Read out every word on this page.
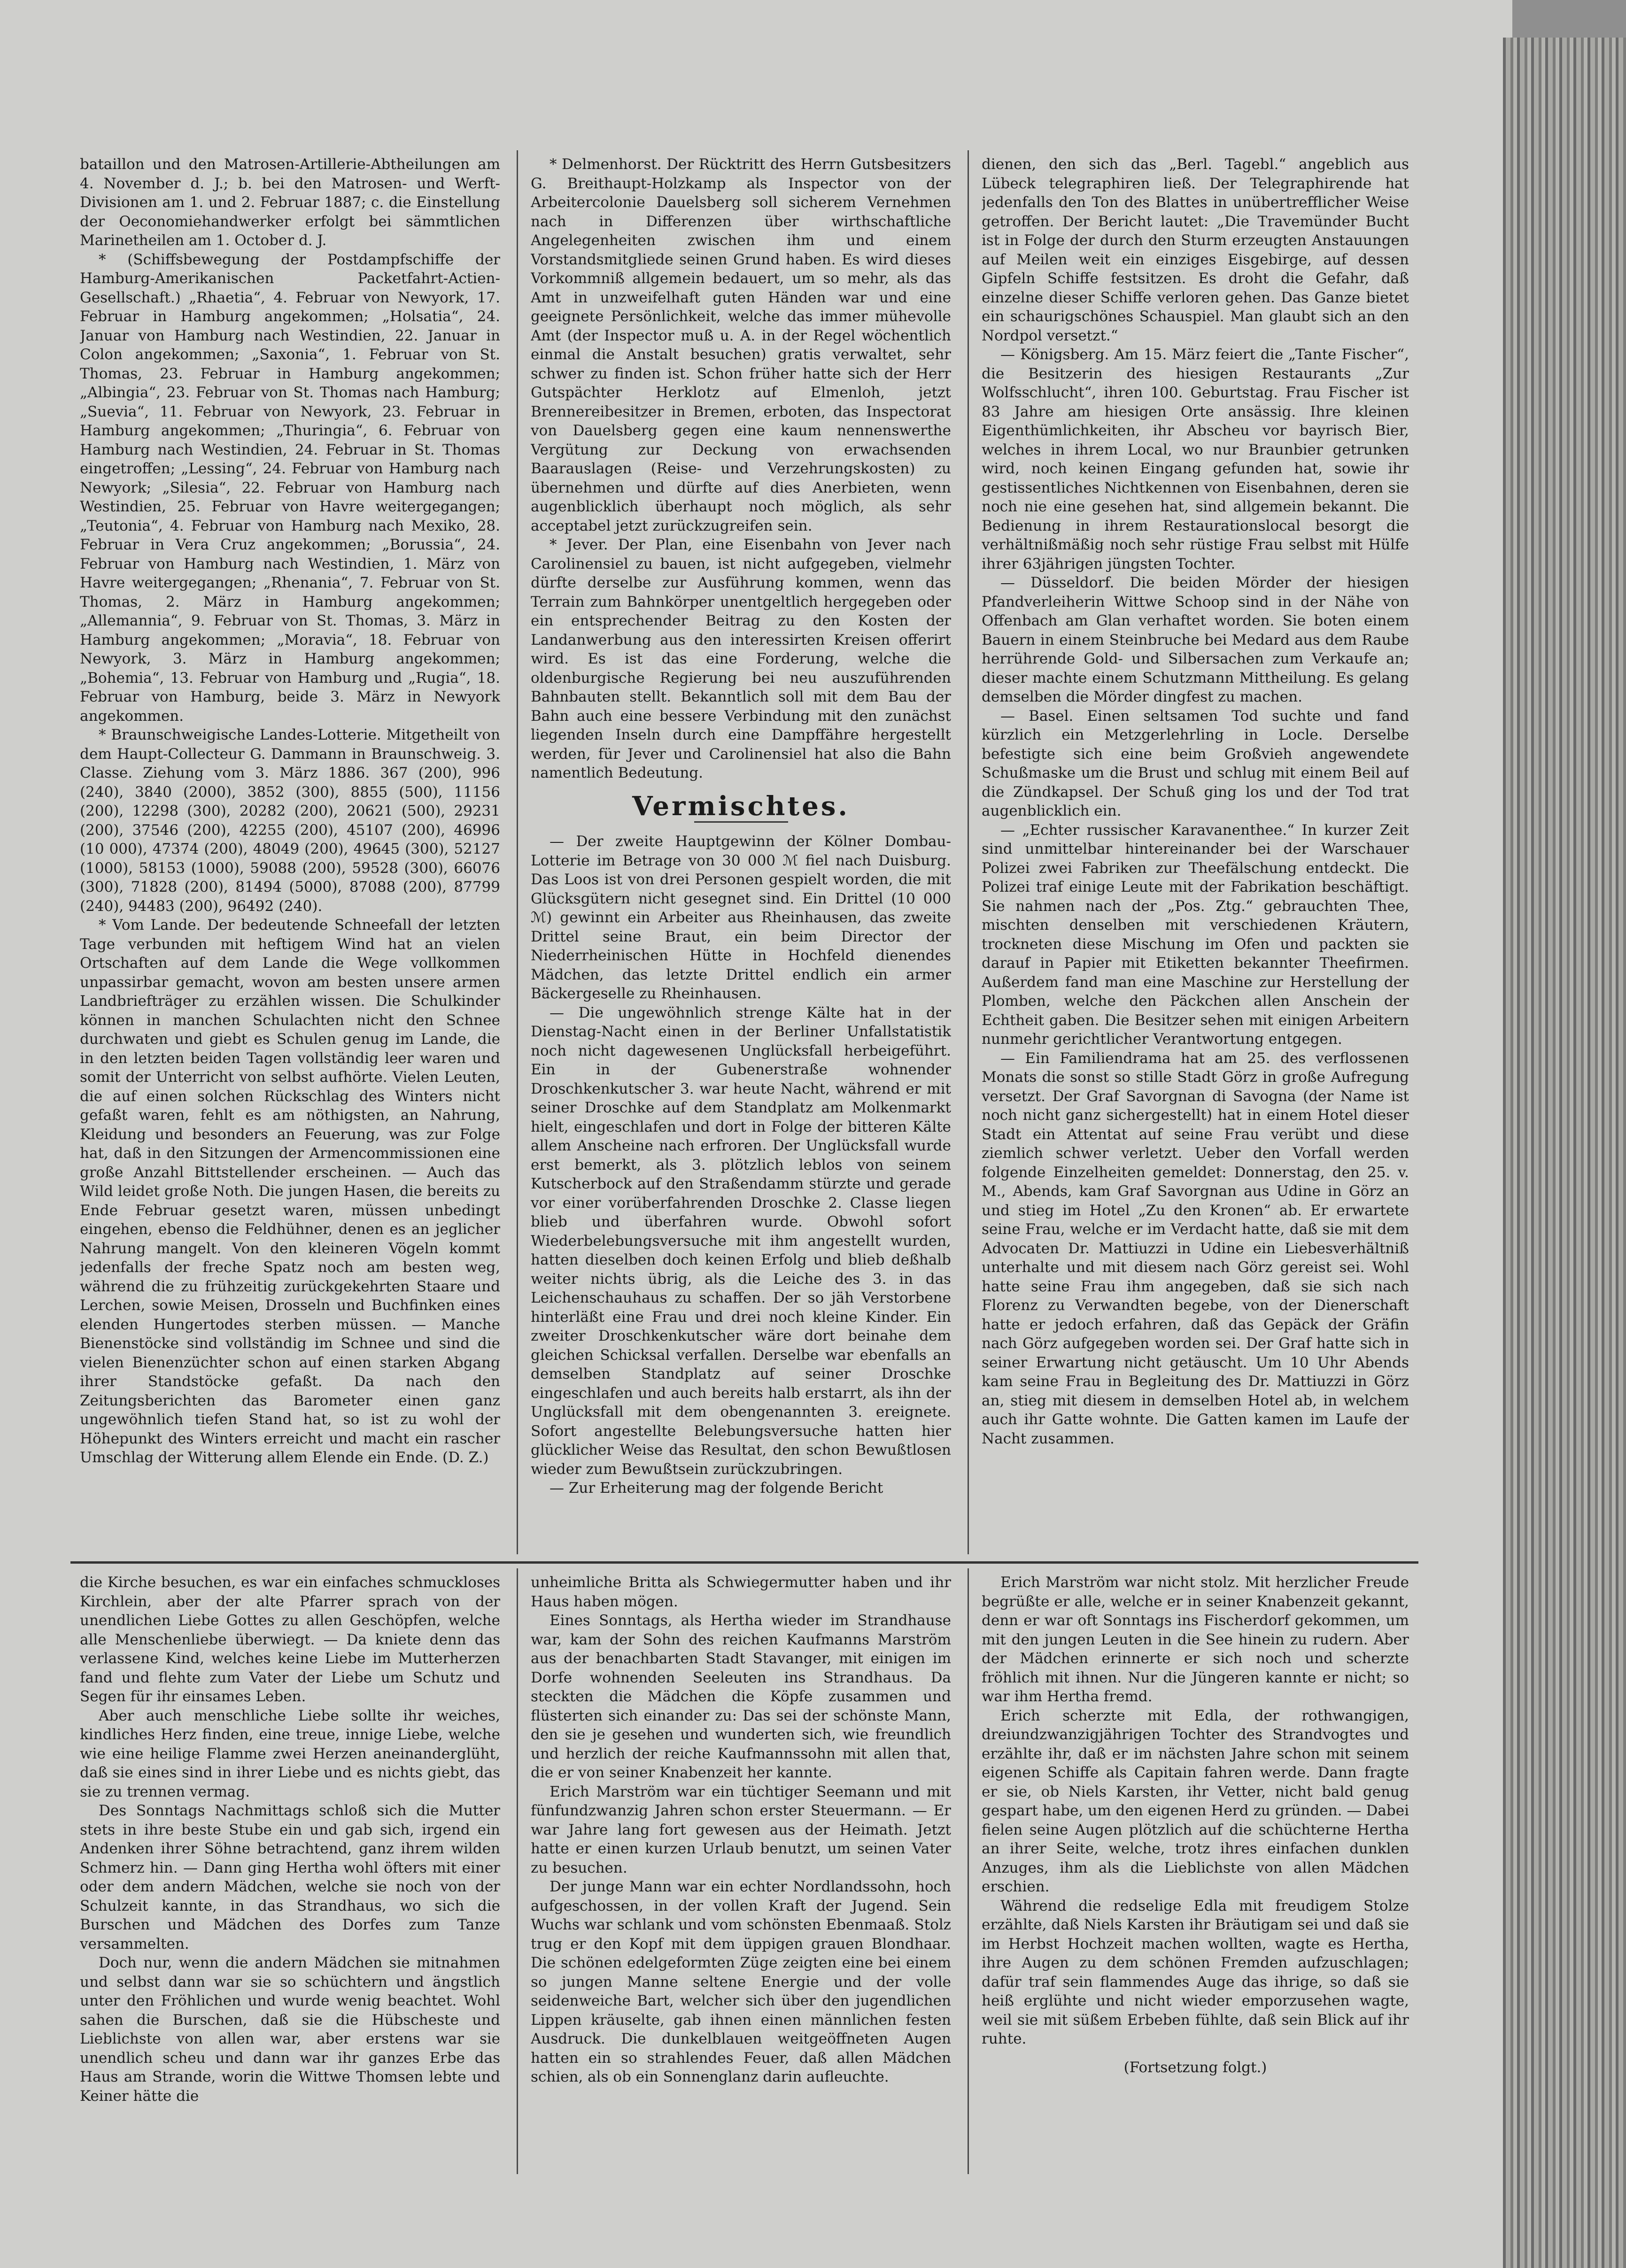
bataillon und den Matrosen-Artillerie-Abtheilungen am 4. November d. J.; b. bei den Matrosen- und Werft-Divisionen am 1. und 2. Februar 1887; c. die Einstellung der Oeconomiehandwerker erfolgt bei sämmtlichen Marinetheilen am 1. October d. J.

* (Schiffsbewegung der Postdampfschiffe der Hamburg-Amerikanischen Packetfahrt-Actien-Gesellschaft.) „Rhaetia“, 4. Februar von Newyork, 17. Februar in Hamburg angekommen; „Holsatia“, 24. Januar von Hamburg nach Westindien, 22. Januar in Colon angekommen; „Saxonia“, 1. Februar von St. Thomas, 23. Februar in Hamburg angekommen; „Albingia“, 23. Februar von St. Thomas nach Hamburg; „Suevia“, 11. Februar von Newyork, 23. Februar in Hamburg angekommen; „Thuringia“, 6. Februar von Hamburg nach Westindien, 24. Februar in St. Thomas eingetroffen; „Lessing“, 24. Februar von Hamburg nach Newyork; „Silesia“, 22. Februar von Hamburg nach Westindien, 25. Februar von Havre weitergegangen; „Teutonia“, 4. Februar von Hamburg nach Mexiko, 28. Februar in Vera Cruz angekommen; „Borussia“, 24. Februar von Hamburg nach Westindien, 1. März von Havre weitergegangen; „Rhenania“, 7. Februar von St. Thomas, 2. März in Hamburg angekommen; „Allemannia“, 9. Februar von St. Thomas, 3. März in Hamburg angekommen; „Moravia“, 18. Februar von Newyork, 3. März in Hamburg angekommen; „Bohemia“, 13. Februar von Hamburg und „Rugia“, 18. Februar von Hamburg, beide 3. März in Newyork angekommen.

* Braunschweigische Landes-Lotterie. Mitgetheilt von dem Haupt-Collecteur G. Dammann in Braunschweig. 3. Classe. Ziehung vom 3. März 1886. 367 (200), 996 (240), 3840 (2000), 3852 (300), 8855 (500), 11156 (200), 12298 (300), 20282 (200), 20621 (500), 29231 (200), 37546 (200), 42255 (200), 45107 (200), 46996 (10 000), 47374 (200), 48049 (200), 49645 (300), 52127 (1000), 58153 (1000), 59088 (200), 59528 (300), 66076 (300), 71828 (200), 81494 (5000), 87088 (200), 87799 (240), 94483 (200), 96492 (240).

* Vom Lande. Der bedeutende Schneefall der letzten Tage verbunden mit heftigem Wind hat an vielen Ortschaften auf dem Lande die Wege vollkommen unpassirbar gemacht, wovon am besten unsere armen Landbriefträger zu erzählen wissen. Die Schulkinder können in manchen Schulachten nicht den Schnee durchwaten und giebt es Schulen genug im Lande, die in den letzten beiden Tagen vollständig leer waren und somit der Unterricht von selbst aufhörte. Vielen Leuten, die auf einen solchen Rückschlag des Winters nicht gefaßt waren, fehlt es am nöthigsten, an Nahrung, Kleidung und besonders an Feuerung, was zur Folge hat, daß in den Sitzungen der Armencommissionen eine große Anzahl Bittstellender erscheinen. — Auch das Wild leidet große Noth. Die jungen Hasen, die bereits zu Ende Februar gesetzt waren, müssen unbedingt eingehen, ebenso die Feldhühner, denen es an jeglicher Nahrung mangelt. Von den kleineren Vögeln kommt jedenfalls der freche Spatz noch am besten weg, während die zu frühzeitig zurückgekehrten Staare und Lerchen, sowie Meisen, Drosseln und Buchfinken eines elenden Hungertodes sterben müssen. — Manche Bienenstöcke sind vollständig im Schnee und sind die vielen Bienenzüchter schon auf einen starken Abgang ihrer Standstöcke gefaßt. Da nach den Zeitungsberichten das Barometer einen ganz ungewöhnlich tiefen Stand hat, so ist zu wohl der Höhepunkt des Winters erreicht und macht ein rascher Umschlag der Witterung allem Elende ein Ende. (D. Z.)

* Delmenhorst. Der Rücktritt des Herrn Gutsbesitzers G. Breithaupt-Holzkamp als Inspector von der Arbeitercolonie Dauelsberg soll sicherem Vernehmen nach in Differenzen über wirthschaftliche Angelegenheiten zwischen ihm und einem Vorstandsmitgliede seinen Grund haben. Es wird dieses Vorkommniß allgemein bedauert, um so mehr, als das Amt in unzweifelhaft guten Händen war und eine geeignete Persönlichkeit, welche das immer mühevolle Amt (der Inspector muß u. A. in der Regel wöchentlich einmal die Anstalt besuchen) gratis verwaltet, sehr schwer zu finden ist. Schon früher hatte sich der Herr Gutspächter Herklotz auf Elmenloh, jetzt Brennereibesitzer in Bremen, erboten, das Inspectorat von Dauelsberg gegen eine kaum nennenswerthe Vergütung zur Deckung von erwachsenden Baarauslagen (Reise- und Verzehrungskosten) zu übernehmen und dürfte auf dies Anerbieten, wenn augenblicklich überhaupt noch möglich, als sehr acceptabel jetzt zurückzugreifen sein.

* Jever. Der Plan, eine Eisenbahn von Jever nach Carolinensiel zu bauen, ist nicht aufgegeben, vielmehr dürfte derselbe zur Ausführung kommen, wenn das Terrain zum Bahnkörper unentgeltlich hergegeben oder ein entsprechender Beitrag zu den Kosten der Landanwerbung aus den interessirten Kreisen offerirt wird. Es ist das eine Forderung, welche die oldenburgische Regierung bei neu auszuführenden Bahnbauten stellt. Bekanntlich soll mit dem Bau der Bahn auch eine bessere Verbindung mit den zunächst liegenden Inseln durch eine Dampffähre hergestellt werden, für Jever und Carolinensiel hat also die Bahn namentlich Bedeutung.

Vermischtes.

— Der zweite Hauptgewinn der Kölner Dombau-Lotterie im Betrage von 30 000 ℳ fiel nach Duisburg. Das Loos ist von drei Personen gespielt worden, die mit Glücksgütern nicht gesegnet sind. Ein Drittel (10 000 ℳ) gewinnt ein Arbeiter aus Rheinhausen, das zweite Drittel seine Braut, ein beim Director der Niederrheinischen Hütte in Hochfeld dienendes Mädchen, das letzte Drittel endlich ein armer Bäckergeselle zu Rheinhausen.

— Die ungewöhnlich strenge Kälte hat in der Dienstag-Nacht einen in der Berliner Unfallstatistik noch nicht dagewesenen Unglücksfall herbeigeführt. Ein in der Gubenerstraße wohnender Droschkenkutscher 3. war heute Nacht, während er mit seiner Droschke auf dem Standplatz am Molkenmarkt hielt, eingeschlafen und dort in Folge der bitteren Kälte allem Anscheine nach erfroren. Der Unglücksfall wurde erst bemerkt, als 3. plötzlich leblos von seinem Kutscherbock auf den Straßendamm stürzte und gerade vor einer vorüberfahrenden Droschke 2. Classe liegen blieb und überfahren wurde. Obwohl sofort Wiederbelebungsversuche mit ihm angestellt wurden, hatten dieselben doch keinen Erfolg und blieb deßhalb weiter nichts übrig, als die Leiche des 3. in das Leichenschauhaus zu schaffen. Der so jäh Verstorbene hinterläßt eine Frau und drei noch kleine Kinder. Ein zweiter Droschkenkutscher wäre dort beinahe dem gleichen Schicksal verfallen. Derselbe war ebenfalls an demselben Standplatz auf seiner Droschke eingeschlafen und auch bereits halb erstarrt, als ihn der Unglücksfall mit dem obengenannten 3. ereignete. Sofort angestellte Belebungsversuche hatten hier glücklicher Weise das Resultat, den schon Bewußtlosen wieder zum Bewußtsein zurückzubringen.

— Zur Erheiterung mag der folgende Bericht

dienen, den sich das „Berl. Tagebl.“ angeblich aus Lübeck telegraphiren ließ. Der Telegraphirende hat jedenfalls den Ton des Blattes in unübertrefflicher Weise getroffen. Der Bericht lautet: „Die Travemünder Bucht ist in Folge der durch den Sturm erzeugten Anstauungen auf Meilen weit ein einziges Eisgebirge, auf dessen Gipfeln Schiffe festsitzen. Es droht die Gefahr, daß einzelne dieser Schiffe verloren gehen. Das Ganze bietet ein schaurigschönes Schauspiel. Man glaubt sich an den Nordpol versetzt.“

— Königsberg. Am 15. März feiert die „Tante Fischer“, die Besitzerin des hiesigen Restaurants „Zur Wolfsschlucht“, ihren 100. Geburtstag. Frau Fischer ist 83 Jahre am hiesigen Orte ansässig. Ihre kleinen Eigenthümlichkeiten, ihr Abscheu vor bayrisch Bier, welches in ihrem Local, wo nur Braunbier getrunken wird, noch keinen Eingang gefunden hat, sowie ihr gestissentliches Nichtkennen von Eisenbahnen, deren sie noch nie eine gesehen hat, sind allgemein bekannt. Die Bedienung in ihrem Restaurationslocal besorgt die verhältnißmäßig noch sehr rüstige Frau selbst mit Hülfe ihrer 63jährigen jüngsten Tochter.

— Düsseldorf. Die beiden Mörder der hiesigen Pfandverleiherin Wittwe Schoop sind in der Nähe von Offenbach am Glan verhaftet worden. Sie boten einem Bauern in einem Steinbruche bei Medard aus dem Raube herrührende Gold- und Silbersachen zum Verkaufe an; dieser machte einem Schutzmann Mittheilung. Es gelang demselben die Mörder dingfest zu machen.

— Basel. Einen seltsamen Tod suchte und fand kürzlich ein Metzgerlehrling in Locle. Derselbe befestigte sich eine beim Großvieh angewendete Schußmaske um die Brust und schlug mit einem Beil auf die Zündkapsel. Der Schuß ging los und der Tod trat augenblicklich ein.

— „Echter russischer Karavanenthee.“ In kurzer Zeit sind unmittelbar hintereinander bei der Warschauer Polizei zwei Fabriken zur Theefälschung entdeckt. Die Polizei traf einige Leute mit der Fabrikation beschäftigt. Sie nahmen nach der „Pos. Ztg.“ gebrauchten Thee, mischten denselben mit verschiedenen Kräutern, trockneten diese Mischung im Ofen und packten sie darauf in Papier mit Etiketten bekannter Theefirmen. Außerdem fand man eine Maschine zur Herstellung der Plomben, welche den Päckchen allen Anschein der Echtheit gaben. Die Besitzer sehen mit einigen Arbeitern nunmehr gerichtlicher Verantwortung entgegen.

— Ein Familiendrama hat am 25. des verflossenen Monats die sonst so stille Stadt Görz in große Aufregung versetzt. Der Graf Savorgnan di Savogna (der Name ist noch nicht ganz sichergestellt) hat in einem Hotel dieser Stadt ein Attentat auf seine Frau verübt und diese ziemlich schwer verletzt. Ueber den Vorfall werden folgende Einzelheiten gemeldet: Donnerstag, den 25. v. M., Abends, kam Graf Savorgnan aus Udine in Görz an und stieg im Hotel „Zu den Kronen“ ab. Er erwartete seine Frau, welche er im Verdacht hatte, daß sie mit dem Advocaten Dr. Mattiuzzi in Udine ein Liebesverhältniß unterhalte und mit diesem nach Görz gereist sei. Wohl hatte seine Frau ihm angegeben, daß sie sich nach Florenz zu Verwandten begebe, von der Dienerschaft hatte er jedoch erfahren, daß das Gepäck der Gräfin nach Görz aufgegeben worden sei. Der Graf hatte sich in seiner Erwartung nicht getäuscht. Um 10 Uhr Abends kam seine Frau in Begleitung des Dr. Mattiuzzi in Görz an, stieg mit diesem in demselben Hotel ab, in welchem auch ihr Gatte wohnte. Die Gatten kamen im Laufe der Nacht zusammen.

die Kirche besuchen, es war ein einfaches schmuckloses Kirchlein, aber der alte Pfarrer sprach von der unendlichen Liebe Gottes zu allen Geschöpfen, welche alle Menschenliebe überwiegt. — Da kniete denn das verlassene Kind, welches keine Liebe im Mutterherzen fand und flehte zum Vater der Liebe um Schutz und Segen für ihr einsames Leben.

Aber auch menschliche Liebe sollte ihr weiches, kindliches Herz finden, eine treue, innige Liebe, welche wie eine heilige Flamme zwei Herzen aneinanderglüht, daß sie eines sind in ihrer Liebe und es nichts giebt, das sie zu trennen vermag.

Des Sonntags Nachmittags schloß sich die Mutter stets in ihre beste Stube ein und gab sich, irgend ein Andenken ihrer Söhne betrachtend, ganz ihrem wilden Schmerz hin. — Dann ging Hertha wohl öfters mit einer oder dem andern Mädchen, welche sie noch von der Schulzeit kannte, in das Strandhaus, wo sich die Burschen und Mädchen des Dorfes zum Tanze versammelten.

Doch nur, wenn die andern Mädchen sie mitnahmen und selbst dann war sie so schüchtern und ängstlich unter den Fröhlichen und wurde wenig beachtet. Wohl sahen die Burschen, daß sie die Hübscheste und Lieblichste von allen war, aber erstens war sie unendlich scheu und dann war ihr ganzes Erbe das Haus am Strande, worin die Wittwe Thomsen lebte und Keiner hätte die

unheimliche Britta als Schwiegermutter haben und ihr Haus haben mögen.

Eines Sonntags, als Hertha wieder im Strandhause war, kam der Sohn des reichen Kaufmanns Marström aus der benachbarten Stadt Stavanger, mit einigen im Dorfe wohnenden Seeleuten ins Strandhaus. Da steckten die Mädchen die Köpfe zusammen und flüsterten sich einander zu: Das sei der schönste Mann, den sie je gesehen und wunderten sich, wie freundlich und herzlich der reiche Kaufmannssohn mit allen that, die er von seiner Knabenzeit her kannte.

Erich Marström war ein tüchtiger Seemann und mit fünfundzwanzig Jahren schon erster Steuermann. — Er war Jahre lang fort gewesen aus der Heimath. Jetzt hatte er einen kurzen Urlaub benutzt, um seinen Vater zu besuchen.

Der junge Mann war ein echter Nordlandssohn, hoch aufgeschossen, in der vollen Kraft der Jugend. Sein Wuchs war schlank und vom schönsten Ebenmaaß. Stolz trug er den Kopf mit dem üppigen grauen Blondhaar. Die schönen edelgeformten Züge zeigten eine bei einem so jungen Manne seltene Energie und der volle seidenweiche Bart, welcher sich über den jugendlichen Lippen kräuselte, gab ihnen einen männlichen festen Ausdruck. Die dunkelblauen weitgeöffneten Augen hatten ein so strahlendes Feuer, daß allen Mädchen schien, als ob ein Sonnenglanz darin aufleuchte.

Erich Marström war nicht stolz. Mit herzlicher Freude begrüßte er alle, welche er in seiner Knabenzeit gekannt, denn er war oft Sonntags ins Fischerdorf gekommen, um mit den jungen Leuten in die See hinein zu rudern. Aber der Mädchen erinnerte er sich noch und scherzte fröhlich mit ihnen. Nur die Jüngeren kannte er nicht; so war ihm Hertha fremd.

Erich scherzte mit Edla, der rothwangigen, dreiundzwanzigjährigen Tochter des Strandvogtes und erzählte ihr, daß er im nächsten Jahre schon mit seinem eigenen Schiffe als Capitain fahren werde. Dann fragte er sie, ob Niels Karsten, ihr Vetter, nicht bald genug gespart habe, um den eigenen Herd zu gründen. — Dabei fielen seine Augen plötzlich auf die schüchterne Hertha an ihrer Seite, welche, trotz ihres einfachen dunklen Anzuges, ihm als die Lieblichste von allen Mädchen erschien.

Während die redselige Edla mit freudigem Stolze erzählte, daß Niels Karsten ihr Bräutigam sei und daß sie im Herbst Hochzeit machen wollten, wagte es Hertha, ihre Augen zu dem schönen Fremden aufzuschlagen; dafür traf sein flammendes Auge das ihrige, so daß sie heiß erglühte und nicht wieder emporzusehen wagte, weil sie mit süßem Erbeben fühlte, daß sein Blick auf ihr ruhte.

(Fortsetzung folgt.)
